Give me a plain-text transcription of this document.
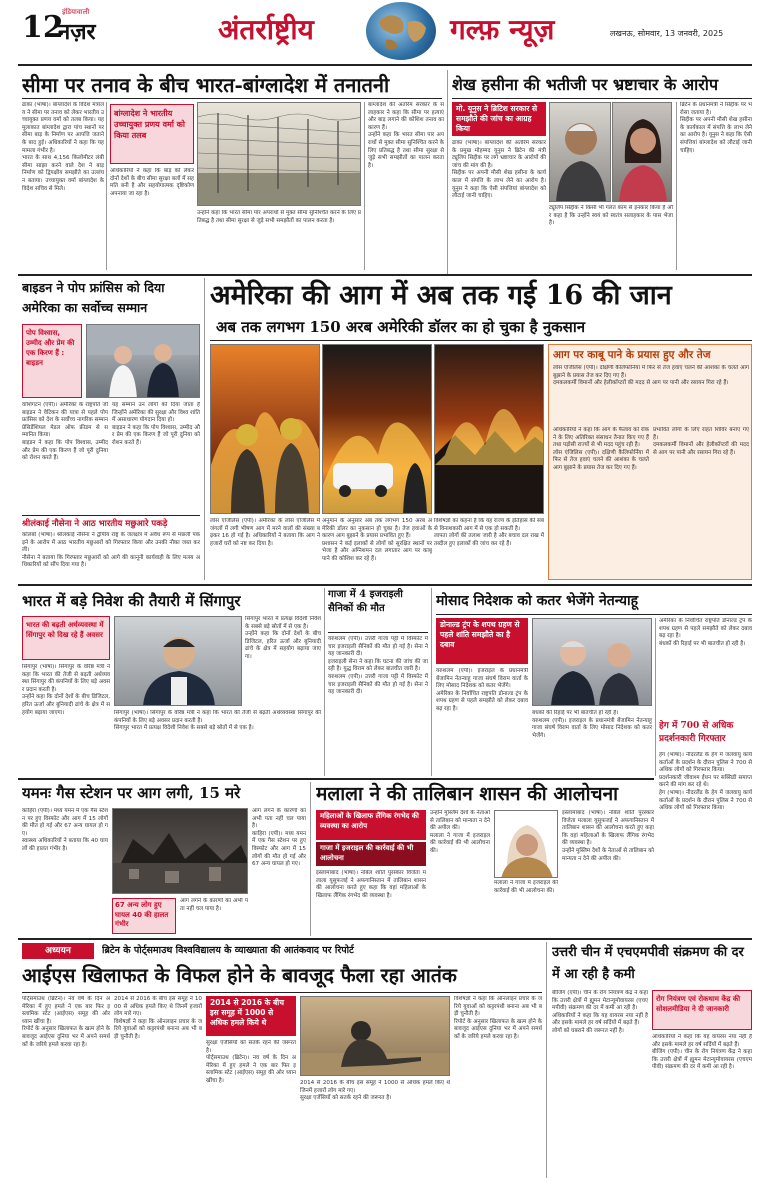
12
इंडियावाली
नज़र	अंतर्राष्ट्रीय	गल्फ़ न्यूज़	लखनऊ, सोमवार, 13 जनवरी, 2025
सीमा पर तनाव के बीच भारत-बांग्लादेश में तनातनी
ढाका (भाषा)। बांग्लादेश के विदेश मंत्रालय ने सीमा पर तनाव को लेकर भारतीय उच्चायुक्त प्रणय वर्मा को तलब किया। यह मुलाकात बांग्लादेश द्वारा पांच स्थानों पर सीमा बाड़ के निर्माण पर आपत्ति जताने के बाद हुई। अधिकारियों ने कहा कि यह मामला गंभीर है।
भारत के साथ 4,156 किलोमीटर लंबी सीमा साझा करने वाले देश ने बाड़ निर्माण को द्विपक्षीय समझौते का उल्लंघन बताया। उच्चायुक्त वर्मा बांग्लादेश के विदेश सचिव से मिले।
बांग्लादेश ने भारतीय उच्चायुक्त प्रणय वर्मा को किया तलब
अधिकारियों ने कहा कि बाड़ को लेकर दोनों देशों के बीच सीमा सुरक्षा बलों में सहमति बनी है और सहयोगात्मक दृष्टिकोण अपनाया जा रहा है।
उन्होंने कहा कि भारत सीमा पार अपराधों से मुक्त सीमा सुनिश्चित करने के लिए प्रतिबद्ध है तथा सीमा सुरक्षा से जुड़े सभी समझौतों का पालन करता है।
बांग्लादेश की अंतरिम सरकार के सलाहकार ने कहा कि सीमा पर हत्याएं और बाड़ लगाने की कोशिश तनाव का कारण हैं।
उन्होंने कहा कि भारत सीमा पार अपराधों से मुक्त सीमा सुनिश्चित करने के लिए प्रतिबद्ध है तथा सीमा सुरक्षा से जुड़े सभी समझौतों का पालन करता है।
शेख हसीना की भतीजी पर भ्रष्टाचार के आरोप
मो. यूनुस ने ब्रिटिश सरकार से समझौते की जांच का आग्रह किया
ढाका (भाषा)। बांग्लादेश की अंतरिम सरकार के प्रमुख मोहम्मद यूनुस ने ब्रिटेन की मंत्री ट्यूलिप सिद्दीक पर लगे भ्रष्टाचार के आरोपों की जांच की मांग की है।
सिद्दीक पर अपनी मौसी शेख हसीना के कार्यकाल में संपत्ति के लाभ लेने का आरोप है। यूनुस ने कहा कि ऐसी संपत्तियां बांग्लादेश को लौटाई जानी चाहिए।
ट्यूलिप सिद्दीक ने किसी भी गलत काम से इनकार किया है और कहा है कि उन्होंने स्वयं को स्वतंत्र सलाहकार के पास भेजा है।
ब्रिटेन के प्रधानमंत्री ने सिद्दीक पर भरोसा जताया है।
सिद्दीक पर अपनी मौसी शेख हसीना के कार्यकाल में संपत्ति के लाभ लेने का आरोप है। यूनुस ने कहा कि ऐसी संपत्तियां बांग्लादेश को लौटाई जानी चाहिए।
बाइडन ने पोप फ्रांसिस को दिया अमेरिका का सर्वोच्च सम्मान
पोप विश्वास, उम्मीद और प्रेम की एक किरण हैं : बाइडन
वाशिंगटन (एपी)। अमेरिका के राष्ट्रपति जो बाइडन ने वेटिकन की यात्रा से पहले पोप फ्रांसिस को देश के सर्वोच्च नागरिक सम्मान प्रेसिडेंशियल मेडल ऑफ फ्रीडम से सम्मानित किया।
बाइडन ने कहा कि पोप विश्वास, उम्मीद और प्रेम की एक किरण हैं जो पूरी दुनिया को रोशन करते हैं।
यह सम्मान उन लोगों को दिया जाता है जिन्होंने अमेरिका की सुरक्षा और विश्व शांति में असाधारण योगदान दिया हो।
बाइडन ने कहा कि पोप विश्वास, उम्मीद और प्रेम की एक किरण हैं जो पूरी दुनिया को रोशन करते हैं।
श्रीलंकाई नौसेना ने आठ भारतीय मछुआरे पकड़े
कोलंबो (भाषा)। श्रीलंकाई नौसेना ने द्वीपीय राष्ट्र के जलक्षेत्र में अवैध रूप से मछली पकड़ने के आरोप में आठ भारतीय मछुआरों को गिरफ्तार किया और उनकी नौका जब्त कर ली।
नौसेना ने बताया कि गिरफ्तार मछुआरों को आगे की कानूनी कार्यवाही के लिए मत्स्य अधिकारियों को सौंप दिया गया है।
अमेरिका की आग में अब तक गई 16 की जान
अब तक लगभग 150 अरब अमेरिकी डॉलर का हो चुका है नुकसान
लॉस एंजिलिस (एपी)। अमेरिका के लॉस एंजिलिस में जंगलों में लगी भीषण आग में मरने वालों की संख्या बढ़कर 16 हो गई है। अधिकारियों ने बताया कि आग ने हजारों घरों को नष्ट कर दिया है।
अनुमान के अनुसार अब तक लगभग 150 अरब अमेरिकी डॉलर का नुकसान हो चुका है। तेज हवाओं के कारण आग बुझाने के प्रयास प्रभावित हुए हैं।
प्रशासन ने कई इलाकों से लोगों को सुरक्षित स्थानों पर भेजा है और अग्निशमन दल लगातार आग पर काबू पाने की कोशिश कर रहे हैं।
विशेषज्ञों का कहना है कि यह राज्य के इतिहास की सबसे विनाशकारी आग में से एक हो सकती है।
लापता लोगों की तलाश जारी है और बचाव दल राख में तब्दील हुए इलाकों की जांच कर रहे हैं।
आग पर काबू पाने के प्रयास हुए और तेज
लॉस एंजिलिस (एपी)। दक्षिणी कैलिफोर्निया में फिर से तेज हवाएं चलने की आशंका के चलते आग बुझाने के प्रयास तेज कर दिए गए हैं।
दमकलकर्मी विमानों और हेलीकॉप्टरों की मदद से आग पर पानी और रसायन गिरा रहे हैं।
अधिकारियों ने कहा कि आग के फैलाव को रोकने के लिए अतिरिक्त संसाधन तैनात किए गए हैं तथा पड़ोसी राज्यों से भी मदद पहुंच रही है।
लॉस एंजिलिस (एपी)। दक्षिणी कैलिफोर्निया में फिर से तेज हवाएं चलने की आशंका के चलते आग बुझाने के प्रयास तेज कर दिए गए हैं।
प्रभावित लोगों के लिए राहत शिविर बनाए गए हैं।
दमकलकर्मी विमानों और हेलीकॉप्टरों की मदद से आग पर पानी और रसायन गिरा रहे हैं।
भारत में बड़े निवेश की तैयारी में सिंगापुर
भारत की बढ़ती अर्थव्यवस्था में सिंगापुर को दिख रहे हैं अवसर
सिंगापुर (भाषा)। सिंगापुर के वरिष्ठ मंत्री ने कहा कि भारत की तेजी से बढ़ती अर्थव्यवस्था सिंगापुर की कंपनियों के लिए बड़े अवसर प्रदान करती है।
उन्होंने कहा कि दोनों देशों के बीच डिजिटल, हरित ऊर्जा और बुनियादी ढांचे के क्षेत्र में सहयोग बढ़ाया जाएगा।
सिंगापुर भारत में प्रत्यक्ष विदेशी निवेश के सबसे बड़े स्रोतों में से एक है।
उन्होंने कहा कि दोनों देशों के बीच डिजिटल, हरित ऊर्जा और बुनियादी ढांचे के क्षेत्र में सहयोग बढ़ाया जाएगा।
सिंगापुर (भाषा)। सिंगापुर के वरिष्ठ मंत्री ने कहा कि भारत की तेजी से बढ़ती अर्थव्यवस्था सिंगापुर की कंपनियों के लिए बड़े अवसर प्रदान करती है।
सिंगापुर भारत में प्रत्यक्ष विदेशी निवेश के सबसे बड़े स्रोतों में से एक है।
गाजा में 4 इजराइली सैनिकों की मौत
यरुशलम (एपी)। उत्तरी गाजा पट्टी में विस्फोट में चार इजराइली सैनिकों की मौत हो गई है। सेना ने यह जानकारी दी।
इजराइली सेना ने कहा कि घटना की जांच की जा रही है। युद्ध विराम को लेकर बातचीत जारी है।
यरुशलम (एपी)। उत्तरी गाजा पट्टी में विस्फोट में चार इजराइली सैनिकों की मौत हो गई है। सेना ने यह जानकारी दी।
मोसाद निदेशक को कतर भेजेंगे नेतन्याहू
डोनाल्ड ट्रंप के शपथ ग्रहण से पहले शांति समझौते का है दबाव
यरुशलम (एपी)। इजराइल के प्रधानमंत्री बेंजामिन नेतन्याहू गाजा संघर्ष विराम वार्ता के लिए मोसाद निदेशक को कतर भेजेंगे।
अमेरिका के निर्वाचित राष्ट्रपति डोनाल्ड ट्रंप के शपथ ग्रहण से पहले समझौते को लेकर दबाव बढ़ रहा है।
बंधकों की रिहाई पर भी बातचीत हो रही है।
यरुशलम (एपी)। इजराइल के प्रधानमंत्री बेंजामिन नेतन्याहू गाजा संघर्ष विराम वार्ता के लिए मोसाद निदेशक को कतर भेजेंगे।
अमेरिका के निर्वाचित राष्ट्रपति डोनाल्ड ट्रंप के शपथ ग्रहण से पहले समझौते को लेकर दबाव बढ़ रहा है।
बंधकों की रिहाई पर भी बातचीत हो रही है।
हेग में 700 से अधिक प्रदर्शनकारी गिरफ्तार
हेग (भाषा)। नीदरलैंड के हेग में जलवायु कार्यकर्ताओं के प्रदर्शन के दौरान पुलिस ने 700 से अधिक लोगों को गिरफ्तार किया।
प्रदर्शनकारी जीवाश्म ईंधन पर सब्सिडी समाप्त करने की मांग कर रहे थे।
हेग (भाषा)। नीदरलैंड के हेग में जलवायु कार्यकर्ताओं के प्रदर्शन के दौरान पुलिस ने 700 से अधिक लोगों को गिरफ्तार किया।
यमनः गैस स्टेशन पर आग लगी, 15 मरे
काहिरा (एपी)। मध्य यमन में एक गैस स्टेशन पर हुए विस्फोट और आग में 15 लोगों की मौत हो गई और 67 अन्य घायल हो गए।
स्वास्थ्य अधिकारियों ने बताया कि 40 घायलों की हालत गंभीर है।
67 अन्य लोग हुए घायल 40 की हालत गंभीर
आग लगने के कारणों का अभी पता नहीं चल पाया है।
आग लगने के कारणों का अभी पता नहीं चल पाया है।
काहिरा (एपी)। मध्य यमन में एक गैस स्टेशन पर हुए विस्फोट और आग में 15 लोगों की मौत हो गई और 67 अन्य घायल हो गए।
मलाला ने की तालिबान शासन की आलोचना
महिलाओं के खिलाफ लैंगिक रंगभेद की व्यवस्था का आरोप
गाजा में इजराइल की कार्रवाई की भी आलोचना
इस्लामाबाद (भाषा)। नोबेल शांति पुरस्कार विजेता मलाला यूसुफजई ने अफगानिस्तान में तालिबान शासन की आलोचना करते हुए कहा कि वहां महिलाओं के खिलाफ लैंगिक रंगभेद की व्यवस्था है।
उन्होंने मुस्लिम देशों के नेताओं से तालिबान को मान्यता न देने की अपील की।
मलाला ने गाजा में इजराइल की कार्रवाई की भी आलोचना की।
मलाला ने गाजा में इजराइल की कार्रवाई की भी आलोचना की।
इस्लामाबाद (भाषा)। नोबेल शांति पुरस्कार विजेता मलाला यूसुफजई ने अफगानिस्तान में तालिबान शासन की आलोचना करते हुए कहा कि वहां महिलाओं के खिलाफ लैंगिक रंगभेद की व्यवस्था है।
उन्होंने मुस्लिम देशों के नेताओं से तालिबान को मान्यता न देने की अपील की।
अध्ययन	ब्रिटेन के पोर्ट्समाउथ विश्वविद्यालय के व्याख्याता की आतंकवाद पर रिपोर्ट
आईएस खिलाफत के विफल होने के बावजूद फैला रहा आतंक
पोर्ट्समाउथ (ब्रिटेन)। नव वर्ष के दिन अमेरिका में हुए हमले ने एक बार फिर इस्लामिक स्टेट (आईएस) समूह की ओर ध्यान खींचा है।
रिपोर्ट के अनुसार खिलाफत के खत्म होने के बावजूद आईएस दुनिया भर में अपने समर्थकों के जरिये हमले करवा रहा है।
2014 से 2016 के बीच इस समूह ने 1000 से अधिक हमले किए थे जिनमें हजारों लोग मारे गए।
विशेषज्ञों ने कहा कि ऑनलाइन प्रचार के जरिये युवाओं को कट्टरपंथी बनाना अब भी बड़ी चुनौती है।
2014 से 2016 के बीच इस समूह में 1000 से अधिक हमले किये थे
सुरक्षा एजेंसियों को सतर्क रहने की जरूरत है।
पोर्ट्समाउथ (ब्रिटेन)। नव वर्ष के दिन अमेरिका में हुए हमले ने एक बार फिर इस्लामिक स्टेट (आईएस) समूह की ओर ध्यान खींचा है।	2014 से 2016 के बीच इस समूह ने 1000 से अधिक हमले किए थे जिनमें हजारों लोग मारे गए।
सुरक्षा एजेंसियों को सतर्क रहने की जरूरत है।
विशेषज्ञों ने कहा कि ऑनलाइन प्रचार के जरिये युवाओं को कट्टरपंथी बनाना अब भी बड़ी चुनौती है।
रिपोर्ट के अनुसार खिलाफत के खत्म होने के बावजूद आईएस दुनिया भर में अपने समर्थकों के जरिये हमले करवा रहा है।
उत्तरी चीन में एचएमपीवी संक्रमण की दर में आ रही है कमी
बीजिंग (एपी)। चीन के रोग नियंत्रण केंद्र ने कहा कि उत्तरी क्षेत्रों में ह्यूमन मेटान्यूमोवायरस (एचएमपीवी) संक्रमण की दर में कमी आ रही है।
अधिकारियों ने कहा कि यह वायरस नया नहीं है और इसके मामले हर वर्ष सर्दियों में बढ़ते हैं।
लोगों को घबराने की जरूरत नहीं है।
रोग नियंत्रण एवं रोकथाम केंद्र की सोशलमीडिया ने दी जानकारी
अधिकारियों ने कहा कि यह वायरस नया नहीं है और इसके मामले हर वर्ष सर्दियों में बढ़ते हैं।
बीजिंग (एपी)। चीन के रोग नियंत्रण केंद्र ने कहा कि उत्तरी क्षेत्रों में ह्यूमन मेटान्यूमोवायरस (एचएमपीवी) संक्रमण की दर में कमी आ रही है।
